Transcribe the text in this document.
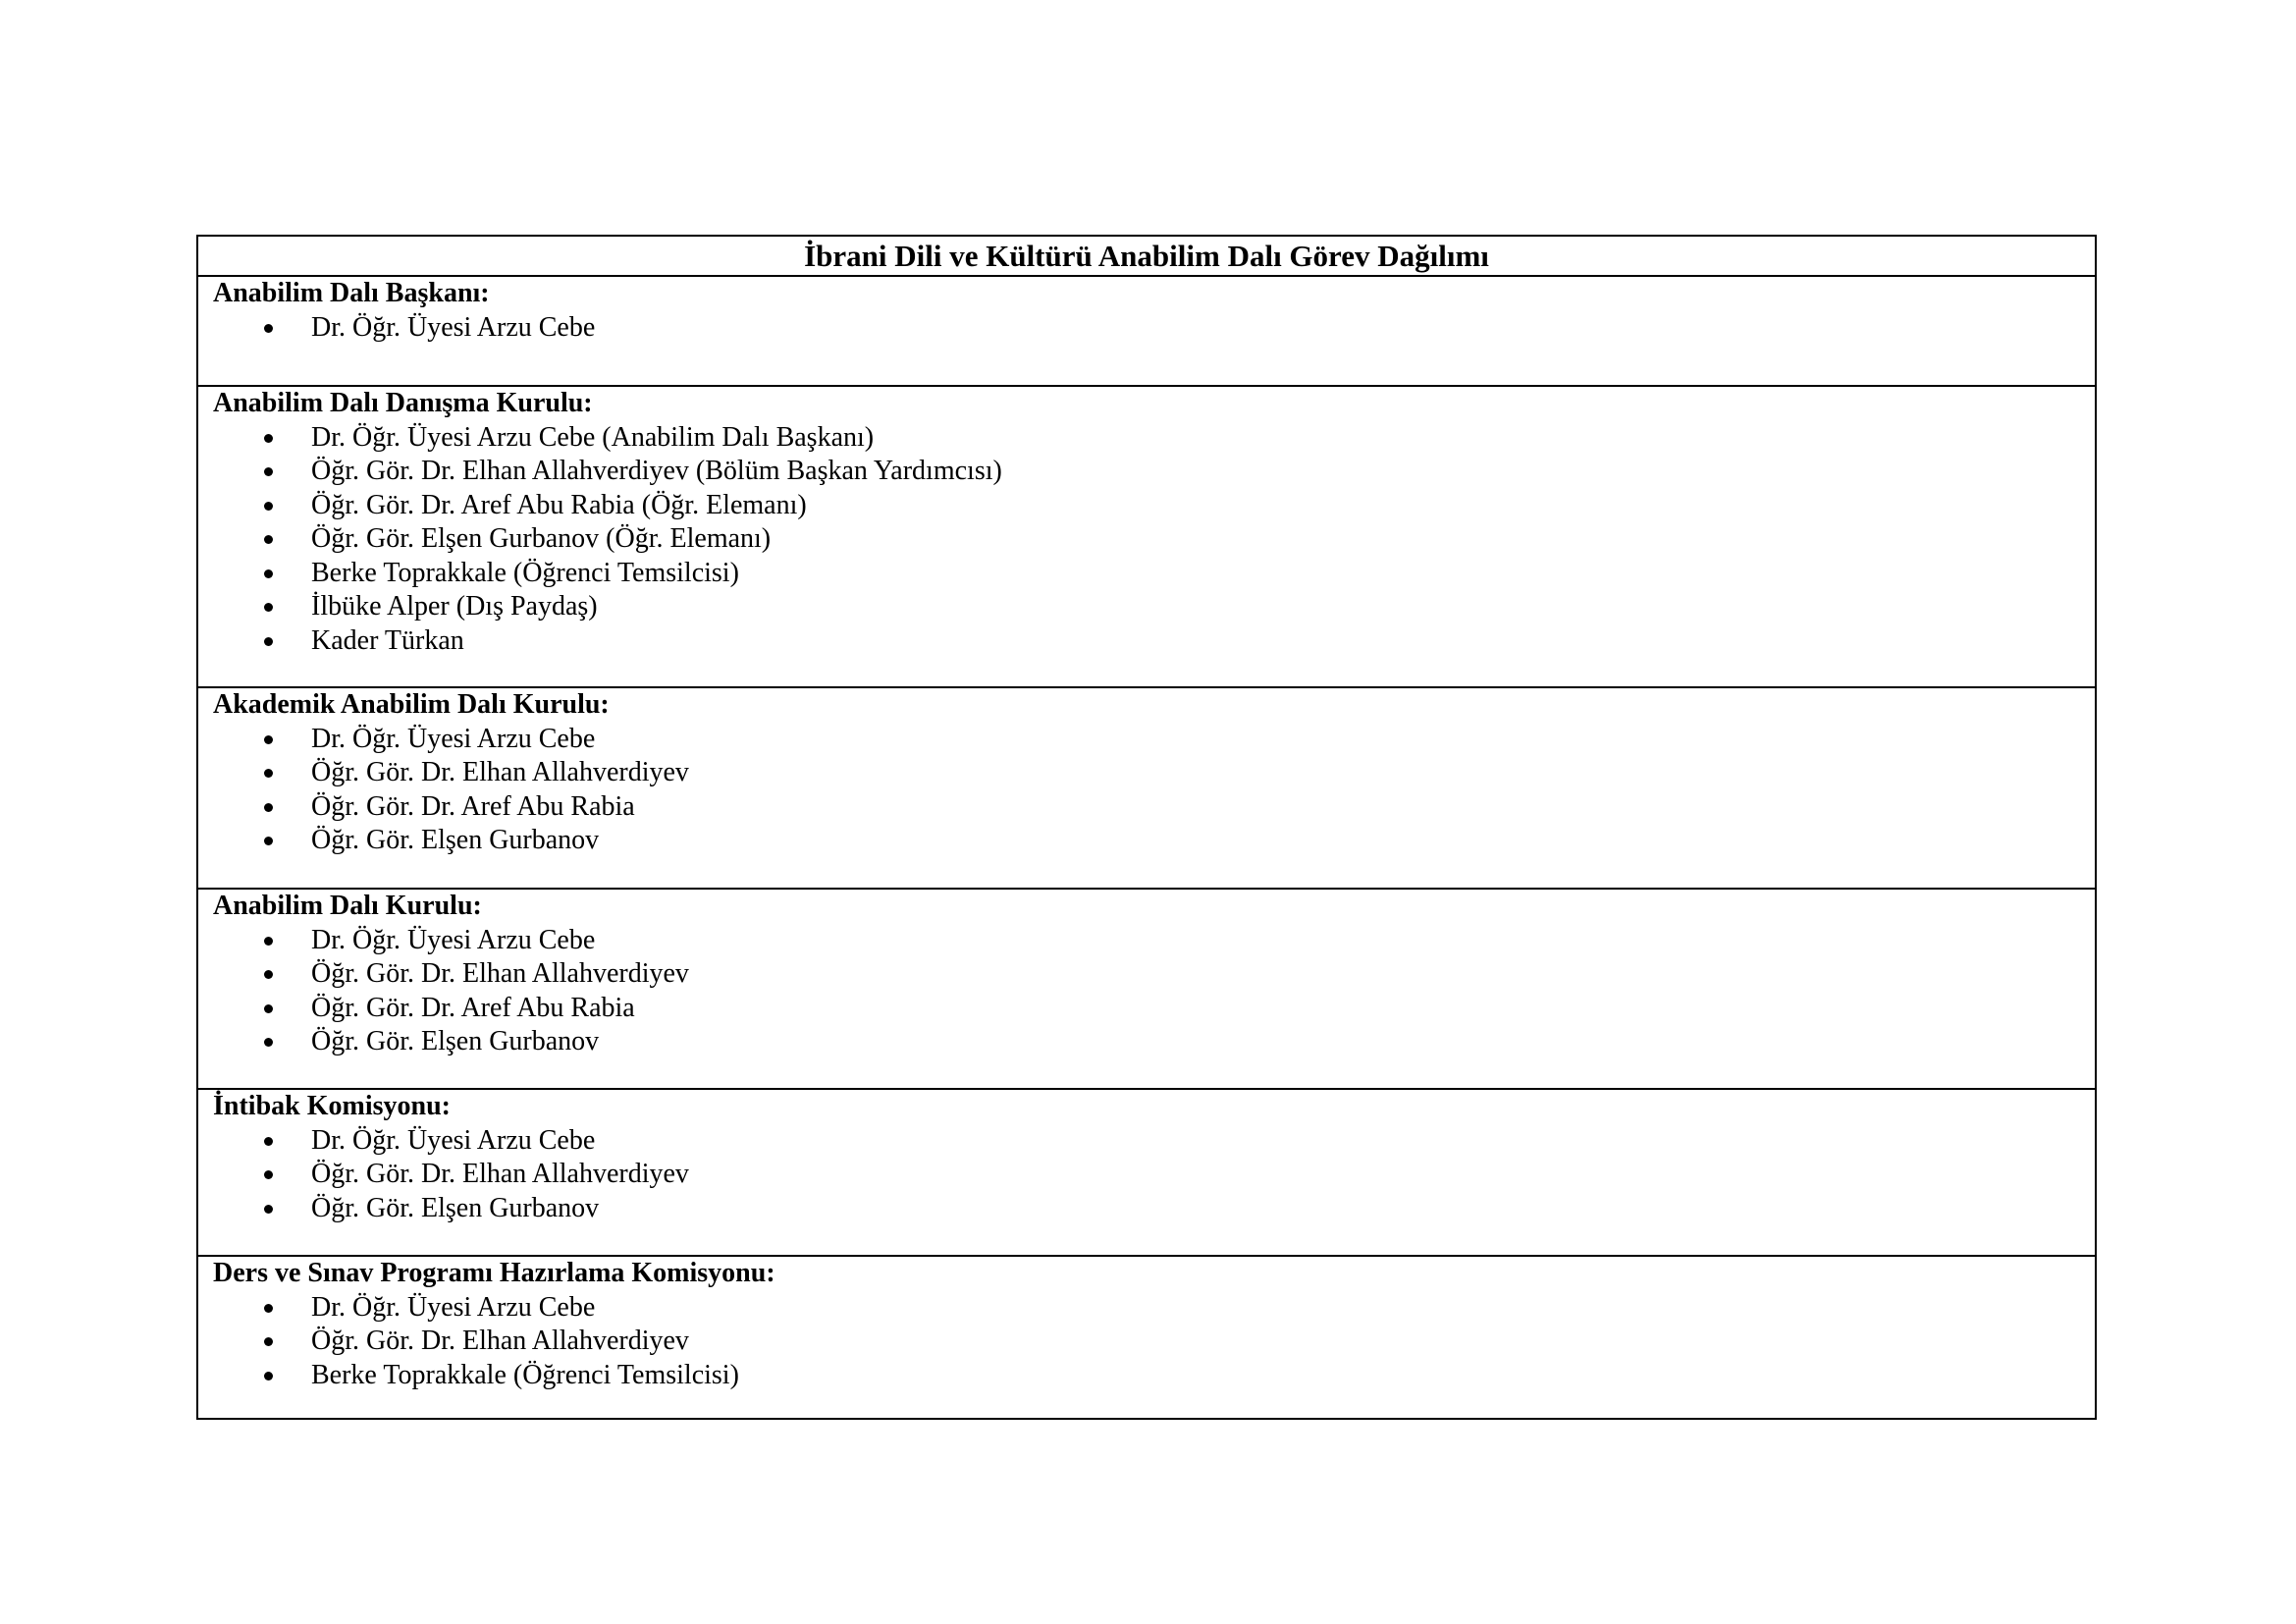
İbrani Dili ve Kültürü Anabilim Dalı Görev Dağılımı
Anabilim Dalı Başkanı:
Dr. Öğr. Üyesi Arzu Cebe
Anabilim Dalı Danışma Kurulu:
Dr. Öğr. Üyesi Arzu Cebe (Anabilim Dalı Başkanı)
Öğr. Gör. Dr. Elhan Allahverdiyev (Bölüm Başkan Yardımcısı)
Öğr. Gör. Dr. Aref Abu Rabia (Öğr. Elemanı)
Öğr. Gör. Elşen Gurbanov (Öğr. Elemanı)
Berke Toprakkale (Öğrenci Temsilcisi)
İlbüke Alper (Dış Paydaş)
Kader Türkan
Akademik Anabilim Dalı Kurulu:
Dr. Öğr. Üyesi Arzu Cebe
Öğr. Gör. Dr. Elhan Allahverdiyev
Öğr. Gör. Dr. Aref Abu Rabia
Öğr. Gör. Elşen Gurbanov
Anabilim Dalı Kurulu:
Dr. Öğr. Üyesi Arzu Cebe
Öğr. Gör. Dr. Elhan Allahverdiyev
Öğr. Gör. Dr. Aref Abu Rabia
Öğr. Gör. Elşen Gurbanov
İntibak Komisyonu:
Dr. Öğr. Üyesi Arzu Cebe
Öğr. Gör. Dr. Elhan Allahverdiyev
Öğr. Gör. Elşen Gurbanov
Ders ve Sınav Programı Hazırlama Komisyonu:
Dr. Öğr. Üyesi Arzu Cebe
Öğr. Gör. Dr. Elhan Allahverdiyev
Berke Toprakkale (Öğrenci Temsilcisi)
